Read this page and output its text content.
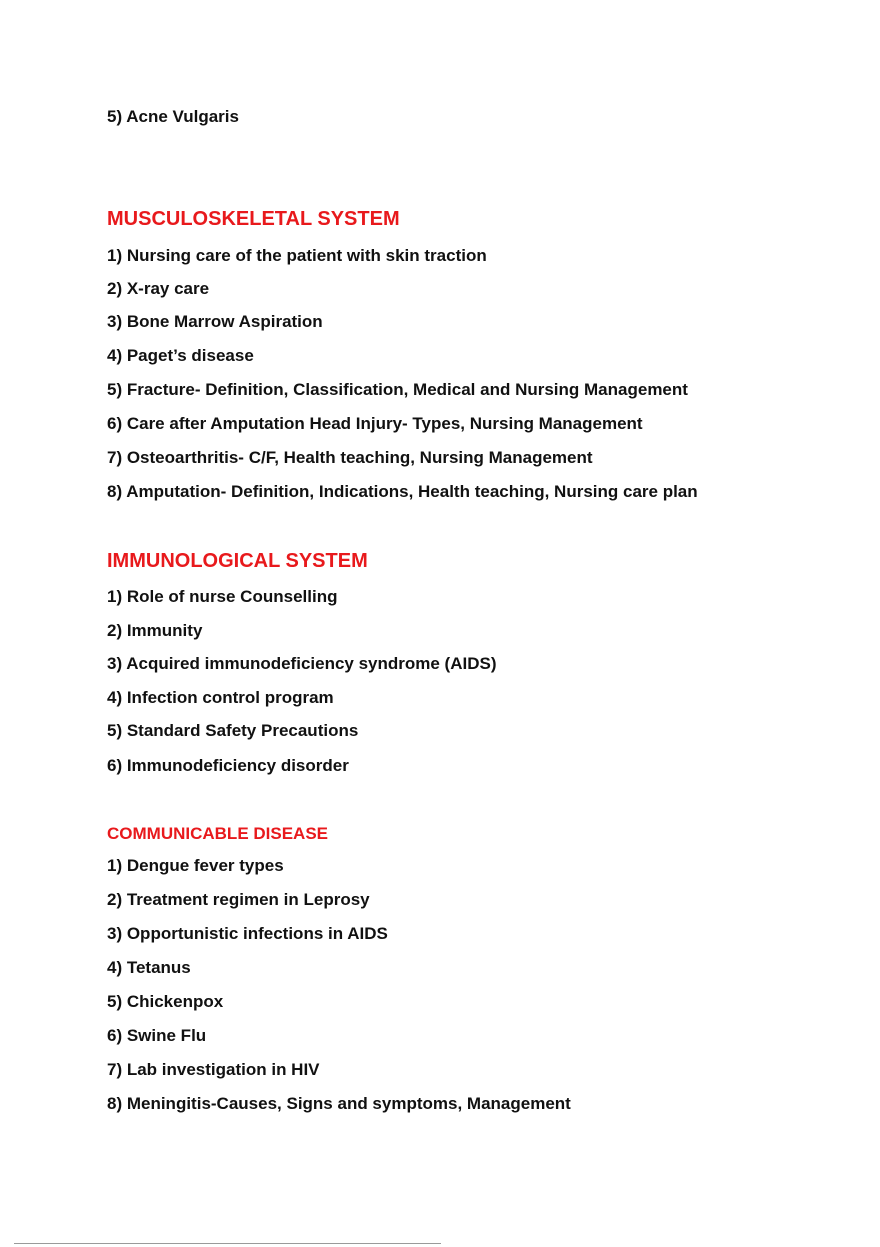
5) Acne Vulgaris
MUSCULOSKELETAL SYSTEM
1) Nursing care of the patient with skin traction
2) X-ray care
3) Bone Marrow Aspiration
4) Paget’s disease
5) Fracture- Definition, Classification, Medical and Nursing Management
6) Care after Amputation Head Injury- Types, Nursing Management
7) Osteoarthritis- C/F, Health teaching, Nursing Management
8) Amputation- Definition, Indications, Health teaching, Nursing care plan
IMMUNOLOGICAL SYSTEM
1) Role of nurse Counselling
2) Immunity
3) Acquired immunodeficiency syndrome (AIDS)
4) Infection control program
5) Standard Safety Precautions
6) Immunodeficiency disorder
COMMUNICABLE DISEASE
1) Dengue fever types
2) Treatment regimen in Leprosy
3) Opportunistic infections in AIDS
4) Tetanus
5) Chickenpox
6) Swine Flu
7) Lab investigation in HIV
8) Meningitis-Causes, Signs and symptoms, Management
